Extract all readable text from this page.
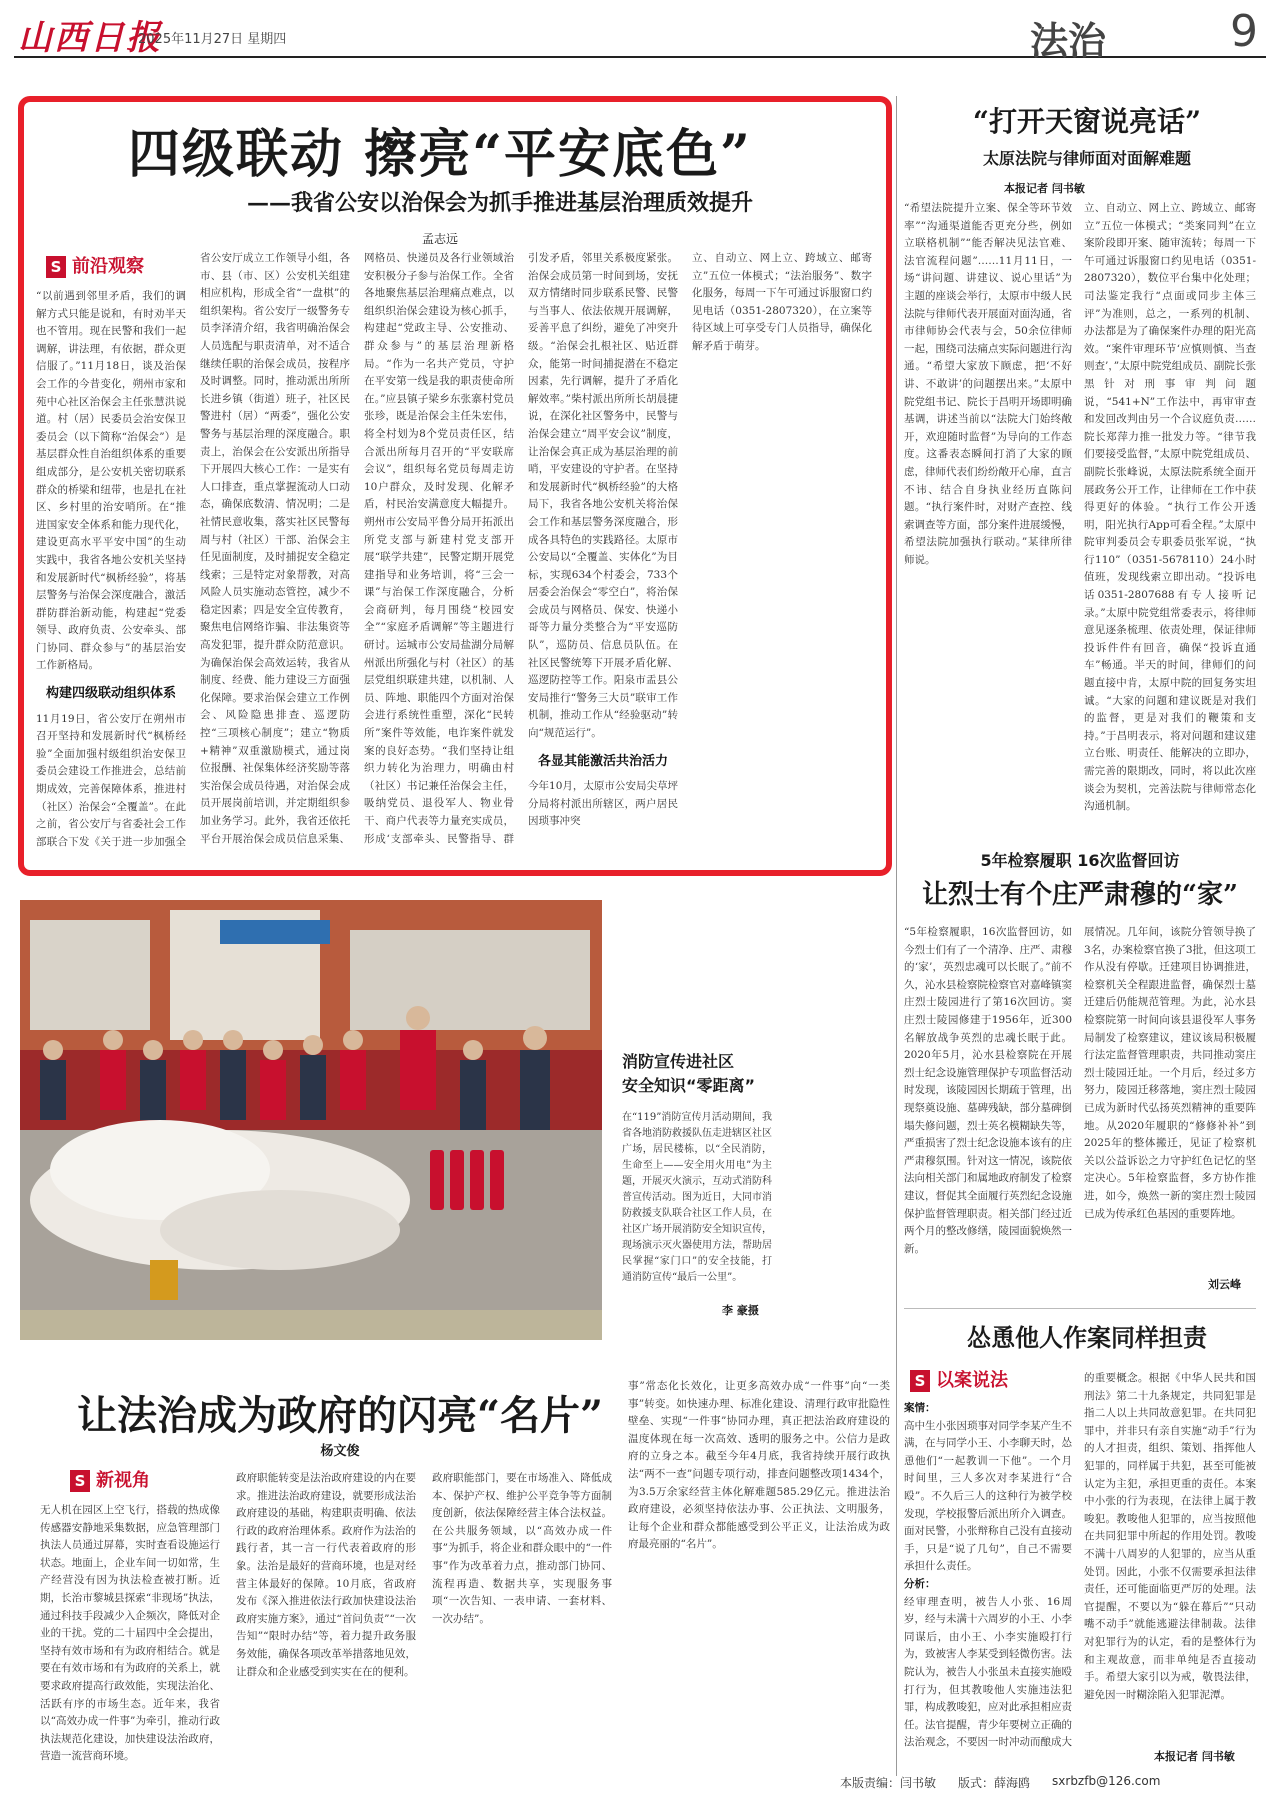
山西日报
2025年11月27日 星期四	法治	9
四级联动 擦亮“平安底色”
——我省公安以治保会为抓手推进基层治理质效提升
孟志远
S 前沿观察
“以前遇到邻里矛盾，我们的调解方式只能是说和，有时劝半天也不管用。现在民警和我们一起调解，讲法理，有依据，群众更信服了。”11月18日，谈及治保会工作的今昔变化，朔州市家和苑中心社区治保会主任张慧洪说道。村（居）民委员会治安保卫委员会（以下简称“治保会”）是基层群众性自治组织体系的重要组成部分，是公安机关密切联系群众的桥梁和纽带，也是扎在社区、乡村里的治安哨所。在“推进国家安全体系和能力现代化，建设更高水平平安中国”的生动实践中，我省各地公安机关坚持和发展新时代“枫桥经验”，将基层警务与治保会深度融合，激活群防群治新动能，构建起“党委领导、政府负责、公安牵头、部门协同、群众参与”的基层治安工作新格局。
构建四级联动组织体系
11月19日，省公安厅在朔州市召开坚持和发展新时代“枫桥经验”全面加强村级组织治安保卫委员会建设工作推进会，总结前期成效，完善保障体系，推进村（社区）治保会“全覆盖”。在此之前，省公安厅与省委社会工作部联合下发《关于进一步加强全
省公安厅成立工作领导小组，各市、县（市、区）公安机关组建相应机构，形成全省“一盘棋”的组织架构。省公安厅一级警务专员李泽清介绍，我省明确治保会人员选配与职责清单，对不适合继续任职的治保会成员，按程序及时调整。同时，推动派出所所长进乡镇（街道）班子，社区民警进村（居）“两委”，强化公安警务与基层治理的深度融合。职责上，治保会在公安派出所指导下开展四大核心工作：一是实有人口排查，重点掌握流动人口动态，确保底数清、情况明；二是社情民意收集，落实社区民警每周与村（社区）干部、治保会主任见面制度，及时捕捉安全稳定线索；三是特定对象帮教，对高风险人员实施动态管控，减少不稳定因素；四是安全宣传教育，聚焦电信网络诈骗、非法集资等高发犯罪，提升群众防范意识。为确保治保会高效运转，我省从制度、经费、能力建设三方面强化保障。要求治保会建立工作例会、风险隐患排查、巡逻防控“三项核心制度”；建立“物质+精神”双重激励模式，通过岗位报酬、社保集体经济奖励等落实治保会成员待遇，对治保会成员开展岗前培训，并定期组织参加业务学习。此外，我省还依托平台开展治保会成员信息采集、
网格员、快递员及各行业领域治安积极分子参与治保工作。全省各地聚焦基层治理痛点难点，以组织织治保会建设为核心抓手，构建起“党政主导、公安推动、群众参与”的基层治理新格局。“作为一名共产党员，守护在平安第一线是我的职责使命所在。”应县镇子梁乡东张寨村党员张珍，既是治保会主任朱宏伟，将全村划为8个党员责任区，结合派出所每月召开的“平安联席会议”，组织每名党员每周走访10户群众，及时发现、化解矛盾，村民治安满意度大幅提升。朔州市公安局平鲁分局开拓派出所党支部与新建村党支部开展“联学共建”，民警定期开展党建指导和业务培训，将“三会一课”与治保工作深度融合，分析会商研判，每月围绕“校园安全”“家庭矛盾调解”等主题进行研讨。运城市公安局盐湖分局解州派出所强化与村（社区）的基层党组织联建共建，以机制、人员、阵地、职能四个方面对治保会进行系统性重塑，深化“民转所”案件等效能，电诈案件就发案的良好态势。“我们坚持让组织力转化为治理力，明确由村（社区）书记兼任治保会主任，吸纳党员、退役军人、物业骨干、商户代表等力量充实成员，形成‘支部牵头、民警指导、群
引发矛盾，邻里关系极度紧张。治保会成员第一时间到场，安抚双方情绪时同步联系民警、民警与当事人、依法依规开展调解，妥善平息了纠纷，避免了冲突升级。“治保会扎根社区、贴近群众，能第一时间捕捉潜在不稳定因素，先行调解，提升了矛盾化解效率。”柴村派出所所长胡晨捷说，在深化社区警务中，民警与治保会建立“周平安会议”制度，让治保会真正成为基层治理的前哨，平安建设的守护者。在坚持和发展新时代“枫桥经验”的大格局下，我省各地公安机关将治保会工作和基层警务深度融合，形成各具特色的实践路径。太原市公安局以“全覆盖、实体化”为目标，实现634个村委会，733个居委会治保会“零空白”，将治保会成员与网格员、保安、快递小哥等力量分类整合为“平安巡防队”，巡防员、信息员队伍。在社区民警统筹下开展矛盾化解、巡逻防控等工作。阳泉市盂县公安局推行“警务三大员”联审工作机制，推动工作从“经验驱动”转向“规范运行”。
各显其能激活共治活力
今年10月，太原市公安局尖草坪分局将村派出所辖区，两户居民因琐事冲突
立、自动立、网上立、跨域立、邮寄立”五位一体模式；“法治服务”、数字化服务，每周一下午可通过诉服窗口约见电话（0351-2807320），在立案等待区域上可享受专门人员指导，确保化解矛盾于萌芽。
“打开天窗说亮话”
太原法院与律师面对面解难题
本报记者 闫书敏
“希望法院提升立案、保全等环节效率”“沟通渠道能否更充分些，例如立联格机制”“能否解决见法官难、法官流程问题”……11月11日，一场“讲问题、讲建议、说心里话”为主题的座谈会举行，太原市中级人民法院与律师代表开展面对面沟通，省市律师协会代表与会，50余位律师一起，围绕司法痛点实际问题进行沟通。“希望大家放下顾虑，把‘不好讲、不敢讲’的问题摆出来。”太原中院党组书记、院长于昌明开场即明确基调，讲述当前以“法院大门始终敞开，欢迎随时监督”为导向的工作态度。这番表态瞬间打消了大家的顾虑，律师代表们纷纷敞开心扉，直言不讳、结合自身执业经历直陈问题。“执行案件时，对财产查控、线索调查等方面，部分案件进展缓慢，希望法院加强执行联动。”某律所律师说。
立、自动立、网上立、跨域立、邮寄立”五位一体模式；“类案同判”在立案阶段即开案、随审流转；每周一下午可通过诉服窗口约见电话（0351-2807320），数位平台集中化处理；司法鉴定我行“点面或同步主体三评”为准则，总之，一系列的机制、办法都是为了确保案件办理的阳光高效。“案件审理环节‘应慎则慎、当查则查’，”太原中院党组成员、副院长张黑针对刑事审判问题说，“541+N”工作法中，再审审查和发回改判由另一个合议庭负责……院长郑萍力推一批发力等。“律节我们要接受监督，”太原中院党组成员、副院长张峰说，太原法院系统全面开展政务公开工作，让律师在工作中获得更好的体验。“执行工作公开透明，阳光执行App可看全程。”太原中院审判委员会专职委员张军说，“执行110”（0351-5678110）24小时值班，发现线索立即出动。“投诉电话0351-2807688有专人接听记录。”太原中院党组常委表示，将律师意见逐条梳理、依责处理，保证律师投诉件件有回音，确保“投诉直通车”畅通。半天的时间，律师们的问题直接中肯，太原中院的回复务实坦诚。“大家的问题和建议既是对我们的监督，更是对我们的鞭策和支持。”于昌明表示，将对问题和建议建立台账、明责任、能解决的立即办，需完善的限期改，同时，将以此次座谈会为契机，完善法院与律师常态化沟通机制。
5年检察履职 16次监督回访
让烈士有个庄严肃穆的“家”
“5年检察履职，16次监督回访，如今烈士们有了一个清净、庄严、肃穆的‘家’，英烈忠魂可以长眠了。”前不久，沁水县检察院检察官对嘉峰镇窦庄烈士陵园进行了第16次回访。窦庄烈士陵园修建于1956年，近300名解放战争英烈的忠魂长眠于此。2020年5月，沁水县检察院在开展烈士纪念设施管理保护专项监督活动时发现，该陵园因长期疏于管理，出现祭奠设施、墓碑残缺，部分墓碑倒塌失修问题，烈士英名模糊缺失等，严重损害了烈士纪念设施本该有的庄严肃穆氛围。针对这一情况，该院依法向相关部门和属地政府制发了检察建议，督促其全面履行英烈纪念设施保护监督管理职责。相关部门经过近两个月的整改修缮，陵园面貌焕然一新。
展情况。几年间，该院分管领导换了3名，办案检察官换了3批，但这项工作从没有停歇。迁建项目协调推进，检察机关全程跟进监督，确保烈士墓迁建后仍能规范管理。为此，沁水县检察院第一时间向该县退役军人事务局制发了检察建议，建议该局积极履行法定监督管理职责，共同推动窦庄烈士陵园迁址。一个月后，经过多方努力，陵园迁移落地，窦庄烈士陵园已成为新时代弘扬英烈精神的重要阵地。从2020年履职的“修修补补”到2025年的整体搬迁，见证了检察机关以公益诉讼之力守护红色记忆的坚定决心。5年检察监督，多方协作推进，如今，焕然一新的窦庄烈士陵园已成为传承红色基因的重要阵地。
刘云峰
消防宣传进社区
安全知识“零距离”
在“119”消防宣传月活动期间，我省各地消防救援队伍走进辖区社区广场，居民楼栋，以“全民消防，生命至上——安全用火用电”为主题，开展灭火演示，互动式消防科普宣传活动。图为近日，大同市消防救援支队联合社区工作人员，在社区广场开展消防安全知识宣传，现场演示灭火器使用方法，帮助居民掌握“家门口”的安全技能，打通消防宣传“最后一公里”。
李 豪摄
怂恿他人作案同样担责
S 以案说法
案情：
高中生小张因琐事对同学李某产生不满，在与同学小王、小李聊天时，怂恿他们“一起教训一下他”。一个月时间里，三人多次对李某进行“合殴”。不久后三人的这种行为被学校发现，学校报警后派出所介入调查。面对民警，小张辩称自己没有直接动手，只是“说了几句”，自己不需要承担什么责任。
分析：
经审理查明，被告人小张、16周岁，经与未满十六周岁的小王、小李同谋后，由小王、小李实施殴打行为，致被害人李某受到轻微伤害。法院认为，被告人小张虽未直接实施殴打行为，但其教唆他人实施违法犯罪，构成教唆犯，应对此承担相应责任。法官提醒，青少年要树立正确的法治观念，不要因一时冲动而酿成大
的重要概念。根据《中华人民共和国刑法》第二十九条规定，共同犯罪是指二人以上共同故意犯罪。在共同犯罪中，并非只有亲自实施“动手”行为的人才担责，组织、策划、指挥他人犯罪的，同样属于共犯，甚至可能被认定为主犯，承担更重的责任。本案中小张的行为表现，在法律上属于教唆犯。教唆他人犯罪的，应当按照他在共同犯罪中所起的作用处罚。教唆不满十八周岁的人犯罪的，应当从重处罚。因此，小张不仅需要承担法律责任，还可能面临更严厉的处理。法官提醒，不要以为“躲在幕后”“只动嘴不动手”就能逃避法律制裁。法律对犯罪行为的认定，看的是整体行为和主观故意，而非单纯是否直接动手。希望大家引以为戒，敬畏法律，避免因一时糊涂陷入犯罪泥潭。
本报记者 闫书敏
让法治成为政府的闪亮“名片”
杨文俊
S 新视角
无人机在园区上空飞行，搭载的热成像传感器安静地采集数据，应急管理部门执法人员通过屏幕，实时查看设施运行状态。地面上，企业车间一切如常，生产经营没有因为执法检查被打断。近期，长治市黎城县探索“非现场”执法，通过科技手段减少入企频次，降低对企业的干扰。党的二十届四中全会提出，坚持有效市场和有为政府相结合。就是要在有效市场和有为政府的关系上，就要求政府提高行政效能，实现法治化、活跃有序的市场生态。近年来，我省以“高效办成一件事”为牵引，推动行政执法规范化建设，加快建设法治政府，营造一流营商环境。
政府职能转变是法治政府建设的内在要求。推进法治政府建设，就要形成法治政府建设的基础，构建职责明确、依法行政的政府治理体系。政府作为法治的践行者，其一言一行代表着政府的形象。法治是最好的营商环境，也是对经营主体最好的保障。10月底，省政府发布《深入推进依法行政加快建设法治政府实施方案》，通过“首问负责”“一次告知”“限时办结”等，着力提升政务服务效能，确保各项改革举措落地见效，让群众和企业感受到实实在在的便利。
政府职能部门，要在市场准入、降低成本、保护产权、维护公平竞争等方面制度创新，依法保障经营主体合法权益。在公共服务领域，以“高效办成一件事”为抓手，将企业和群众眼中的“一件事”作为改革着力点，推动部门协同、流程再造、数据共享，实现服务事项“一次告知、一表申请、一套材料、一次办结”。
事”常态化长效化，让更多高效办成“一件事”向“一类事”转变。如快速办理、标准化建设、清理行政审批隐性壁垒、实现“一件事”协同办理，真正把法治政府建设的温度体现在每一次高效、透明的服务之中。公信力是政府的立身之本。截至今年4月底，我省持续开展行政执法“两不一查”问题专项行动，排查问题整改项1434个，为3.5万余家经营主体化解难题585.29亿元。推进法治政府建设，必须坚持依法办事、公正执法、文明服务，让每个企业和群众都能感受到公平正义，让法治成为政府最亮丽的“名片”。
本版责编：闫书敏 版式：薛海鸥 sxrbzfb@126.com
